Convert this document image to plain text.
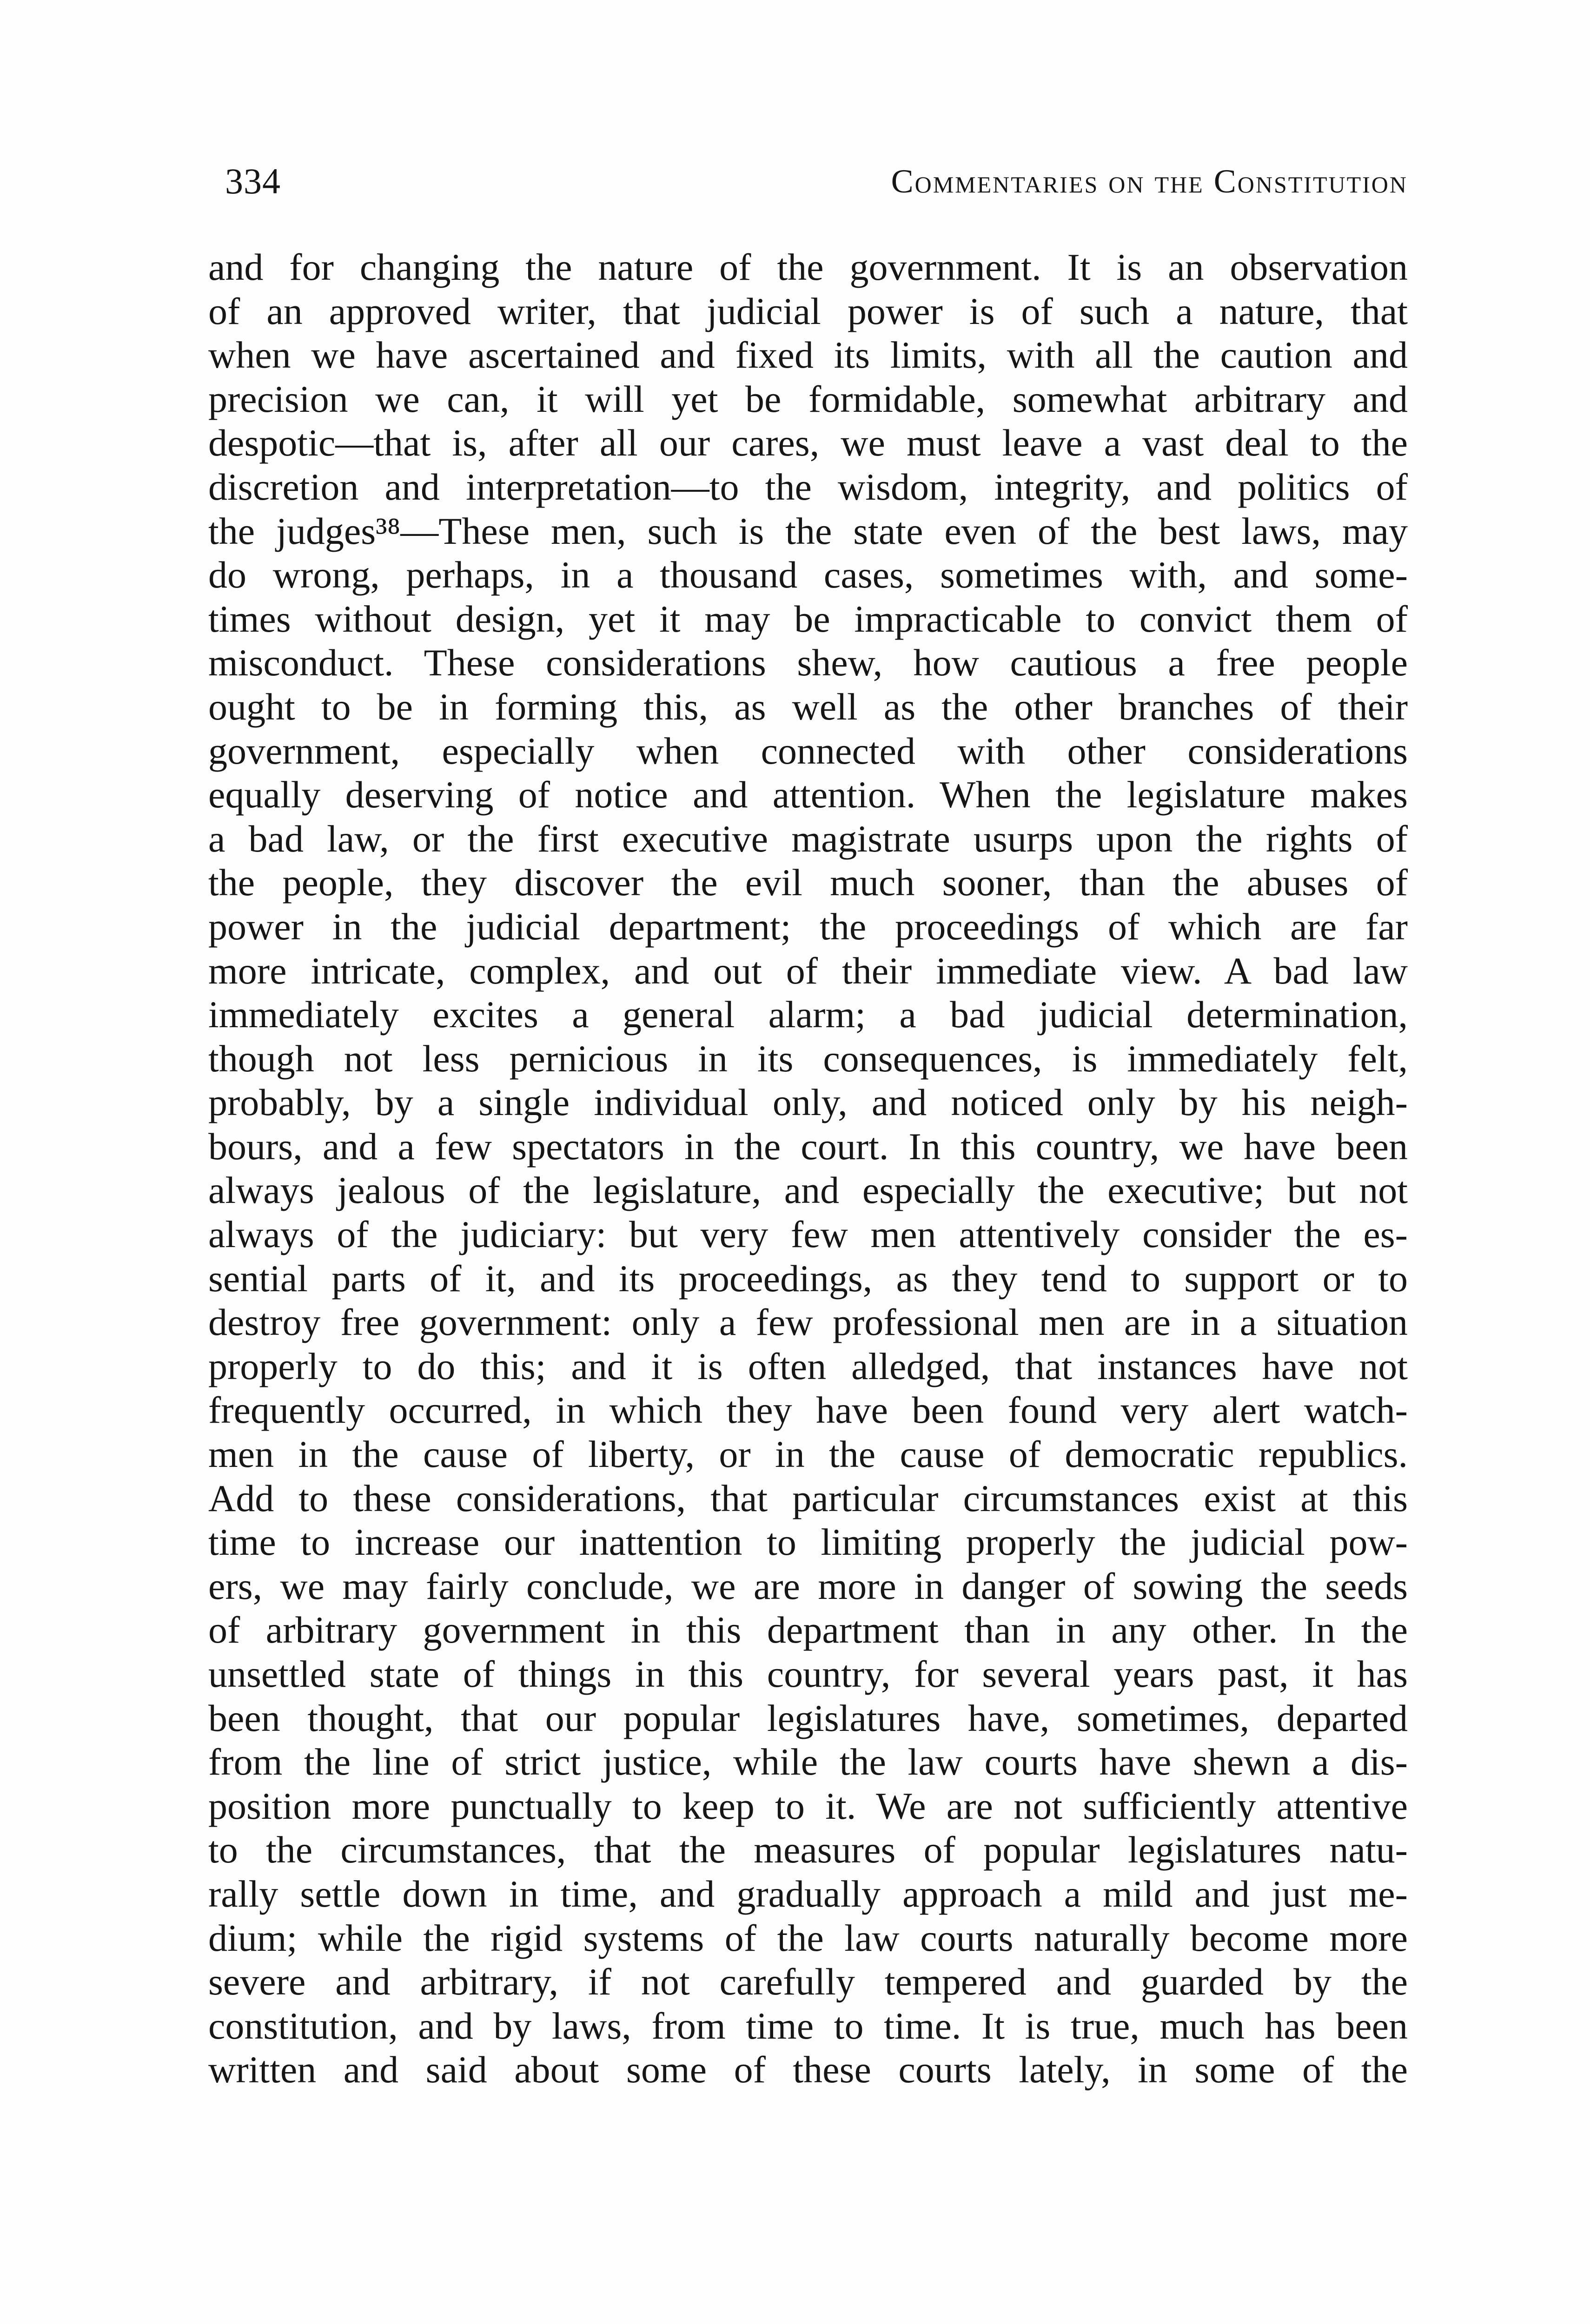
334	Commentaries on the Constitution
and for changing the nature of the government. It is an observation
of an approved writer, that judicial power is of such a nature, that
when we have ascertained and fixed its limits, with all the caution and
precision we can, it will yet be formidable, somewhat arbitrary and
despotic—that is, after all our cares, we must leave a vast deal to the
discretion and interpretation—to the wisdom, integrity, and politics of
the judges³⁸—These men, such is the state even of the best laws, may
do wrong, perhaps, in a thousand cases, sometimes with, and some-
times without design, yet it may be impracticable to convict them of
misconduct. These considerations shew, how cautious a free people
ought to be in forming this, as well as the other branches of their
government, especially when connected with other considerations
equally deserving of notice and attention. When the legislature makes
a bad law, or the first executive magistrate usurps upon the rights of
the people, they discover the evil much sooner, than the abuses of
power in the judicial department; the proceedings of which are far
more intricate, complex, and out of their immediate view. A bad law
immediately excites a general alarm; a bad judicial determination,
though not less pernicious in its consequences, is immediately felt,
probably, by a single individual only, and noticed only by his neigh-
bours, and a few spectators in the court. In this country, we have been
always jealous of the legislature, and especially the executive; but not
always of the judiciary: but very few men attentively consider the es-
sential parts of it, and its proceedings, as they tend to support or to
destroy free government: only a few professional men are in a situation
properly to do this; and it is often alledged, that instances have not
frequently occurred, in which they have been found very alert watch-
men in the cause of liberty, or in the cause of democratic republics.
Add to these considerations, that particular circumstances exist at this
time to increase our inattention to limiting properly the judicial pow-
ers, we may fairly conclude, we are more in danger of sowing the seeds
of arbitrary government in this department than in any other. In the
unsettled state of things in this country, for several years past, it has
been thought, that our popular legislatures have, sometimes, departed
from the line of strict justice, while the law courts have shewn a dis-
position more punctually to keep to it. We are not sufficiently attentive
to the circumstances, that the measures of popular legislatures natu-
rally settle down in time, and gradually approach a mild and just me-
dium; while the rigid systems of the law courts naturally become more
severe and arbitrary, if not carefully tempered and guarded by the
constitution, and by laws, from time to time. It is true, much has been
written and said about some of these courts lately, in some of the
